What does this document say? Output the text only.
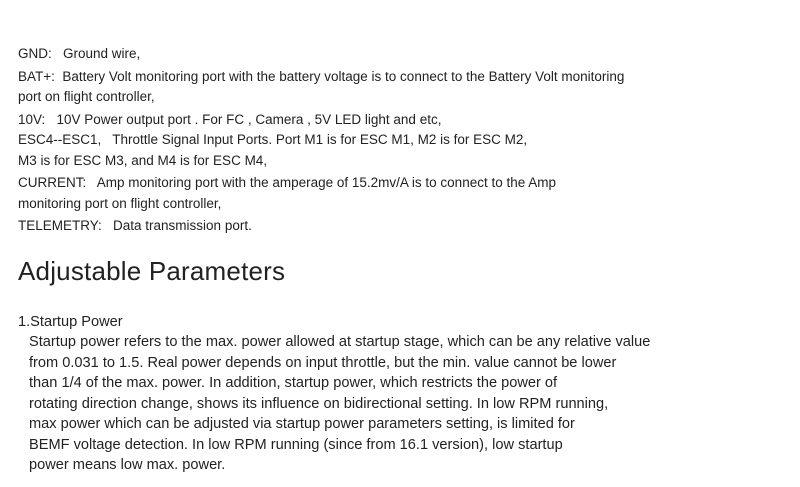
GND:   Ground wire,

BAT+:  Battery Volt monitoring port with the battery voltage is to connect to the Battery Volt monitoring
port on flight controller,

10V:   10V Power output port . For FC , Camera , 5V LED light and etc,

ESC4--ESC1,   Throttle Signal Input Ports. Port M1 is for ESC M1, M2 is for ESC M2,
M3 is for ESC M3, and M4 is for ESC M4,

CURRENT:   Amp monitoring port with the amperage of 15.2mv/A is to connect to the Amp
monitoring port on flight controller,

TELEMETRY:   Data transmission port.

Adjustable Parameters

1.Startup Power

Startup power refers to the max. power allowed at startup stage, which can be any relative value
from 0.031 to 1.5. Real power depends on input throttle, but the min. value cannot be lower
than 1/4 of the max. power. In addition, startup power, which restricts the power of
rotating direction change, shows its influence on bidirectional setting. In low RPM running,
max power which can be adjusted via startup power parameters setting, is limited for
BEMF voltage detection. In low RPM running (since from 16.1 version), low startup
power means low max. power.
